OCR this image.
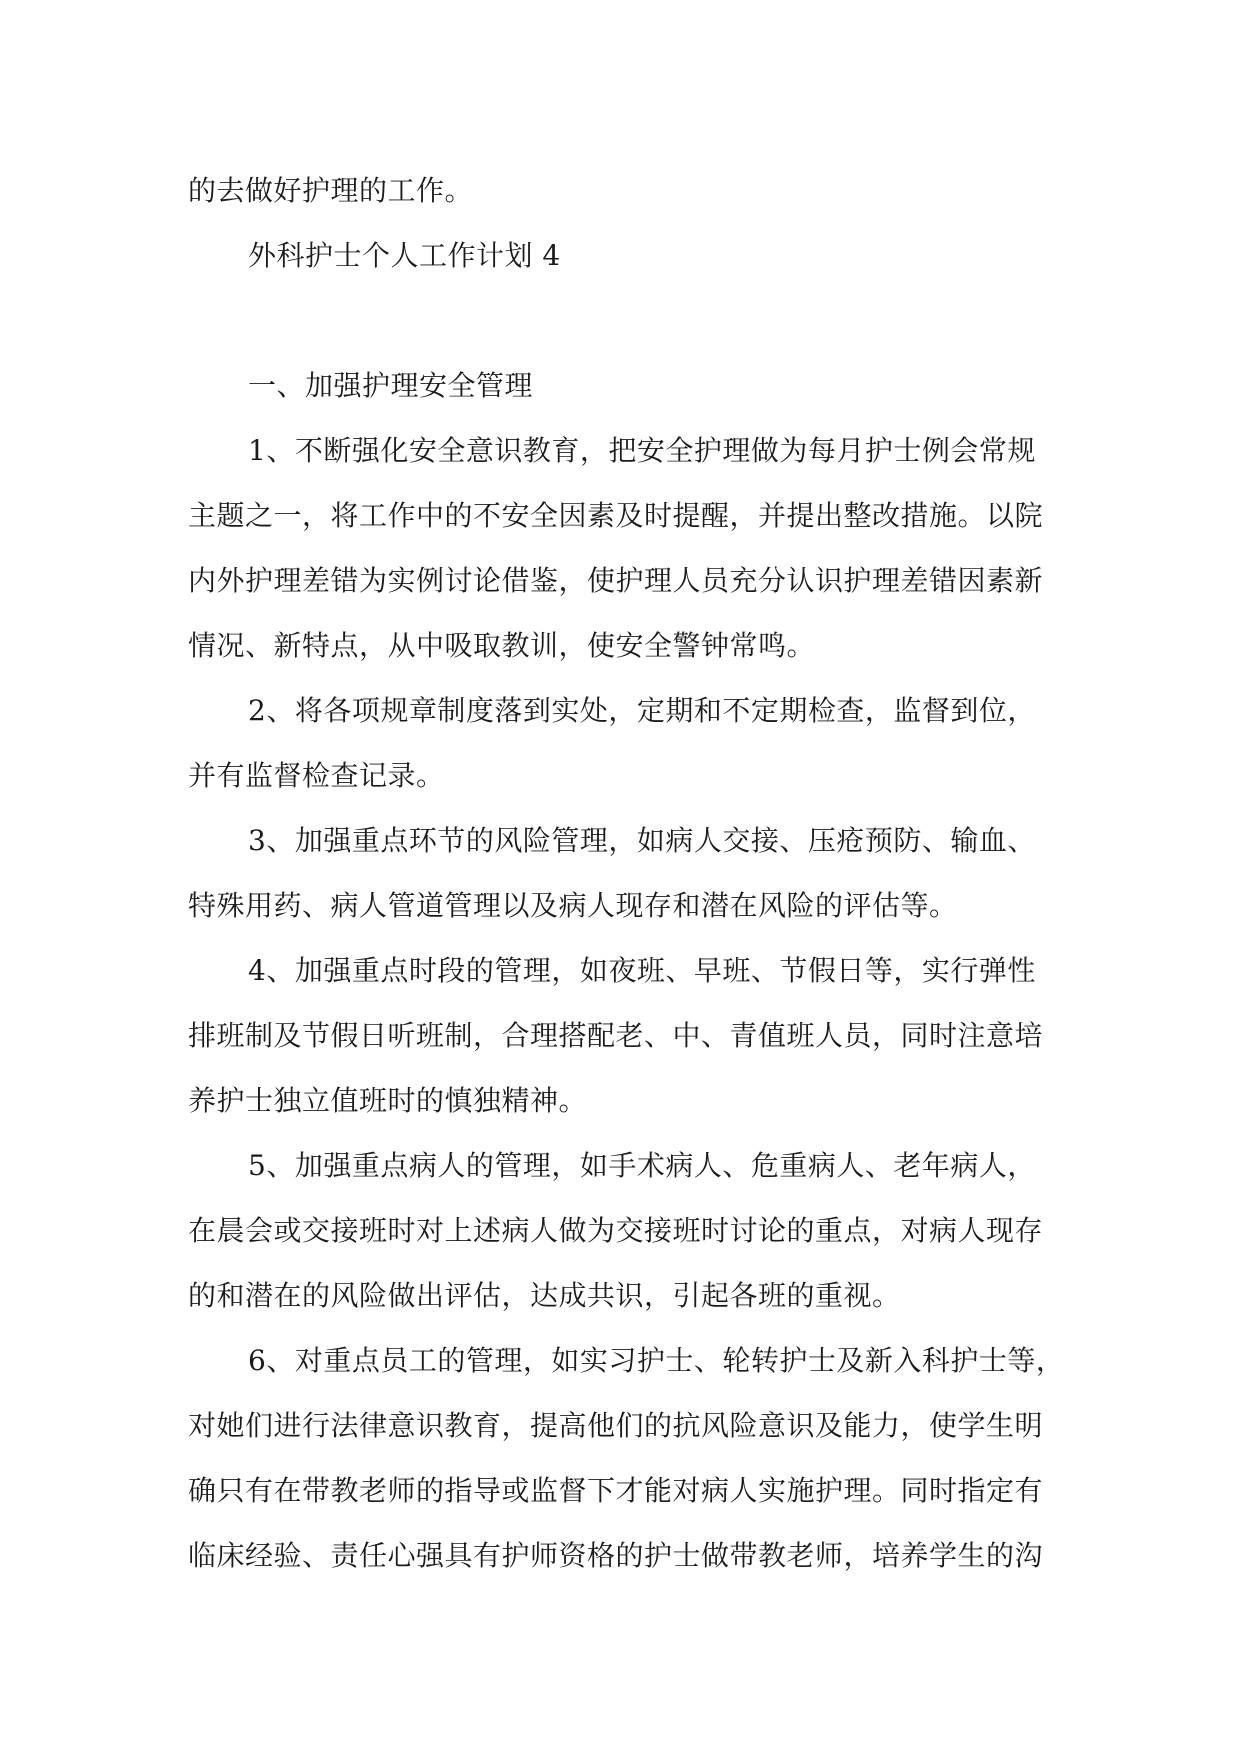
的去做好护理的工作。
外科护士个人工作计划 4
一、加强护理安全管理
1、不断强化安全意识教育，把安全护理做为每月护士例会常规
主题之一，将工作中的不安全因素及时提醒，并提出整改措施。以院
内外护理差错为实例讨论借鉴，使护理人员充分认识护理差错因素新
情况、新特点，从中吸取教训，使安全警钟常鸣。
2、将各项规章制度落到实处，定期和不定期检查，监督到位，
并有监督检查记录。
3、加强重点环节的风险管理，如病人交接、压疮预防、输血、
特殊用药、病人管道管理以及病人现存和潜在风险的评估等。
4、加强重点时段的管理，如夜班、早班、节假日等，实行弹性
排班制及节假日听班制，合理搭配老、中、青值班人员，同时注意培
养护士独立值班时的慎独精神。
5、加强重点病人的管理，如手术病人、危重病人、老年病人，
在晨会或交接班时对上述病人做为交接班时讨论的重点，对病人现存
的和潜在的风险做出评估，达成共识，引起各班的重视。
6、对重点员工的管理，如实习护士、轮转护士及新入科护士等，
对她们进行法律意识教育，提高他们的抗风险意识及能力，使学生明
确只有在带教老师的指导或监督下才能对病人实施护理。同时指定有
临床经验、责任心强具有护师资格的护士做带教老师，培养学生的沟
